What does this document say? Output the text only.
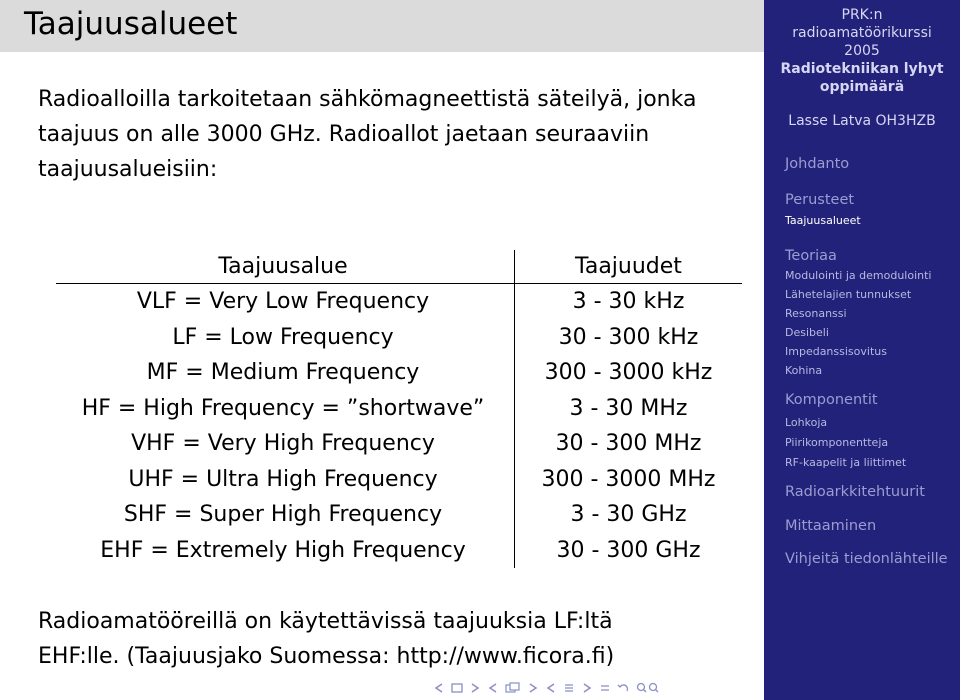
Taajuusalueet
Radioalloilla tarkoitetaan sähkömagneettistä säteilyä, jonka taajuus on alle 3000 GHz. Radioallot jaetaan seuraaviin taajuusalueisiin:
Taajuusalue	Taajuudet
VLF = Very Low Frequency	3 - 30 kHz
LF = Low Frequency	30 - 300 kHz
MF = Medium Frequency	300 - 3000 kHz
HF = High Frequency = ”shortwave”	3 - 30 MHz
VHF = Very High Frequency	30 - 300 MHz
UHF = Ultra High Frequency	300 - 3000 MHz
SHF = Super High Frequency	3 - 30 GHz
EHF = Extremely High Frequency	30 - 300 GHz
Radioamatööreillä on käytettävissä taajuuksia LF:ltä
EHF:lle. (Taajuusjako Suomessa: http://www.ficora.fi)
PRK:n
radioamatöörikurssi
2005
Radiotekniikan lyhyt
oppimäärä
Lasse Latva OH3HZB
Johdanto
Perusteet
Taajuusalueet
Teoriaa
Modulointi ja demodulointi
Lähetelajien tunnukset
Resonanssi
Desibeli
Impedanssisovitus
Kohina
Komponentit
Lohkoja
Piirikomponentteja
RF-kaapelit ja liittimet
Radioarkkitehtuurit
Mittaaminen
Vihjeitä tiedonlähteille
